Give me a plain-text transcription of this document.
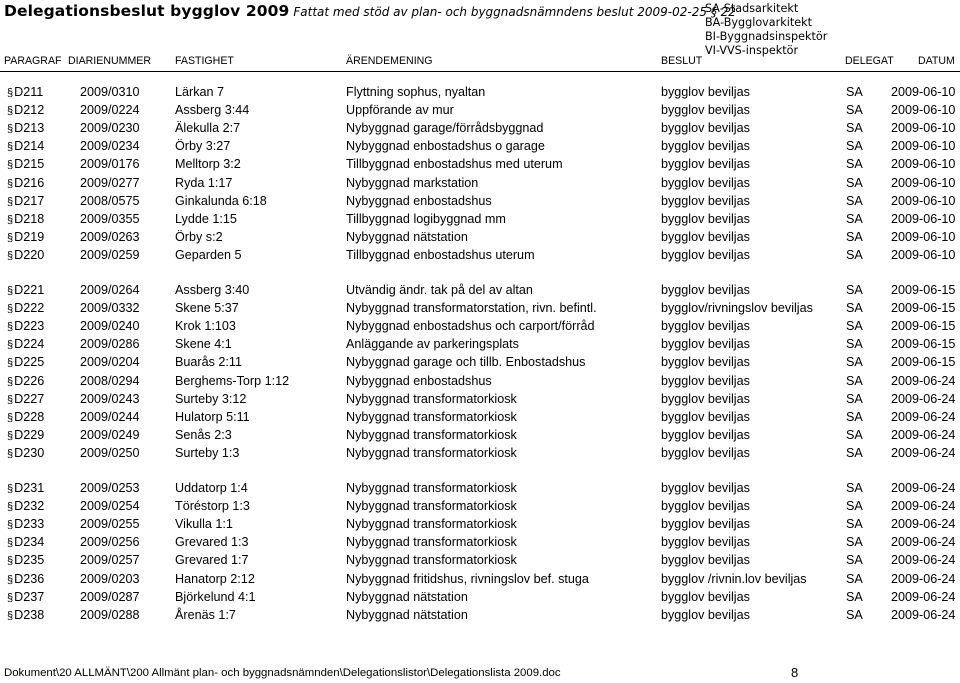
Delegationsbeslut bygglov 2009 Fattat med stöd av plan- och byggnadsnämndens beslut 2009-02-25 § 22
SA-Stadsarkitekt
BA-Bygglovarkitekt
BI-Byggnadsinspektör
VI-VVS-inspektör
PARAGRAF DIARIENUMMER FASTIGHET	ÄRENDEMENING	BESLUT	DELEGAT DATUM
§ D211	2009/0310	Lärkan 7	Flyttning sophus, nyaltan	bygglov beviljas	SA 2009-06-10
§ D212	2009/0224	Assberg 3:44	Uppförande av mur	bygglov beviljas	SA 2009-06-10
§ D213	2009/0230	Älekulla 2:7	Nybyggnad garage/förrådsbyggnad	bygglov beviljas	SA 2009-06-10
§ D214	2009/0234	Örby 3:27	Nybyggnad enbostadshus o garage	bygglov beviljas	SA 2009-06-10
§ D215	2009/0176	Melltorp 3:2	Tillbyggnad enbostadshus med uterum	bygglov beviljas	SA 2009-06-10
§ D216	2009/0277	Ryda 1:17	Nybyggnad markstation	bygglov beviljas	SA 2009-06-10
§ D217	2008/0575	Ginkalunda 6:18	Nybyggnad enbostadshus	bygglov beviljas	SA 2009-06-10
§ D218	2009/0355	Lydde 1:15	Tillbyggnad logibyggnad mm	bygglov beviljas	SA 2009-06-10
§ D219	2009/0263	Örby s:2	Nybyggnad nätstation	bygglov beviljas	SA 2009-06-10
§ D220	2009/0259	Geparden 5	Tillbyggnad enbostadshus uterum	bygglov beviljas	SA 2009-06-10
§ D221	2009/0264	Assberg 3:40	Utvändig ändr. tak på del av altan	bygglov beviljas	SA 2009-06-15
§ D222	2009/0332	Skene 5:37	Nybyggnad transformatorstation, rivn. befintl.	bygglov/rivningslov beviljas	SA 2009-06-15
§ D223	2009/0240	Krok 1:103	Nybyggnad enbostadshus och carport/förråd	bygglov beviljas	SA 2009-06-15
§ D224	2009/0286	Skene 4:1	Anläggande av parkeringsplats	bygglov beviljas	SA 2009-06-15
§ D225	2009/0204	Buarås 2:11	Nybyggnad garage och tillb. Enbostadshus	bygglov beviljas	SA 2009-06-15
§ D226	2008/0294	Berghems-Torp 1:12	Nybyggnad enbostadshus	bygglov beviljas	SA 2009-06-24
§ D227	2009/0243	Surteby 3:12	Nybyggnad transformatorkiosk	bygglov beviljas	SA 2009-06-24
§ D228	2009/0244	Hulatorp 5:11	Nybyggnad transformatorkiosk	bygglov beviljas	SA 2009-06-24
§ D229	2009/0249	Senås 2:3	Nybyggnad transformatorkiosk	bygglov beviljas	SA 2009-06-24
§ D230	2009/0250	Surteby 1:3	Nybyggnad transformatorkiosk	bygglov beviljas	SA 2009-06-24
§ D231	2009/0253	Uddatorp 1:4	Nybyggnad transformatorkiosk	bygglov beviljas	SA 2009-06-24
§ D232	2009/0254	Töréstorp 1:3	Nybyggnad transformatorkiosk	bygglov beviljas	SA 2009-06-24
§ D233	2009/0255	Vikulla 1:1	Nybyggnad transformatorkiosk	bygglov beviljas	SA 2009-06-24
§ D234	2009/0256	Grevared 1:3	Nybyggnad transformatorkiosk	bygglov beviljas	SA 2009-06-24
§ D235	2009/0257	Grevared 1:7	Nybyggnad transformatorkiosk	bygglov beviljas	SA 2009-06-24
§ D236	2009/0203	Hanatorp 2:12	Nybyggnad fritidshus, rivningslov bef. stuga	bygglov /rivnin.lov beviljas	SA 2009-06-24
§ D237	2009/0287	Björkelund 4:1	Nybyggnad nätstation	bygglov beviljas	SA 2009-06-24
§ D238	2009/0288	Årenäs 1:7	Nybyggnad nätstation	bygglov beviljas	SA 2009-06-24
Dokument\20 ALLMÄNT\200 Allmänt plan- och byggnadsnämnden\Delegationslistor\Delegationslista 2009.doc	8
